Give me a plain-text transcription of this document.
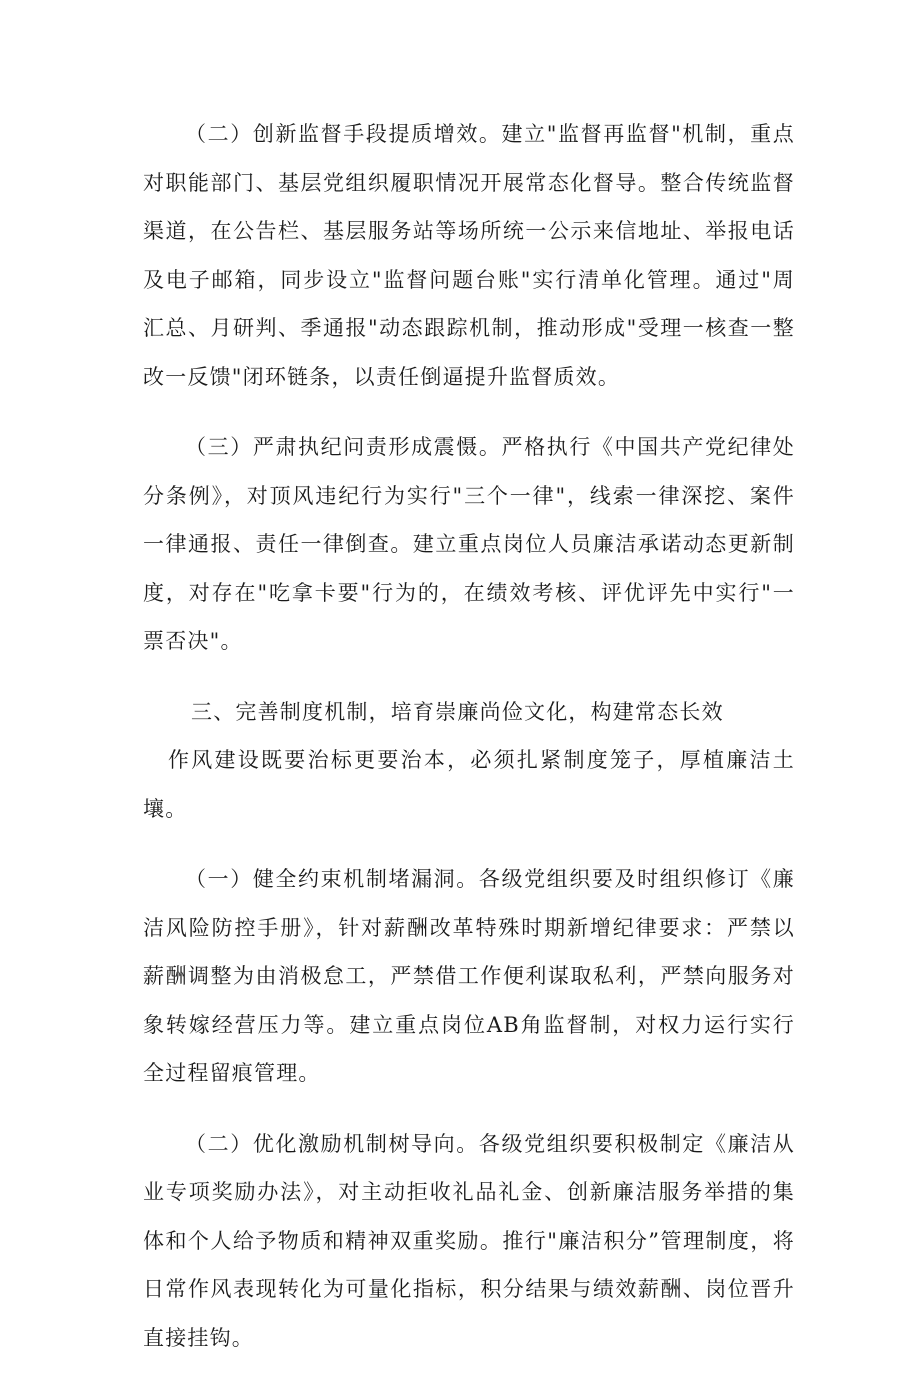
（二）创新监督手段提质增效。建立"监督再监督"机制，重点对职能部门、基层党组织履职情况开展常态化督导。整合传统监督渠道，在公告栏、基层服务站等场所统一公示来信地址、举报电话及电子邮箱，同步设立"监督问题台账"实行清单化管理。通过"周汇总、月研判、季通报"动态跟踪机制，推动形成"受理一核查一整改一反馈"闭环链条，以责任倒逼提升监督质效。

（三）严肃执纪问责形成震慑。严格执行《中国共产党纪律处分条例》，对顶风违纪行为实行"三个一律"，线索一律深挖、案件一律通报、责任一律倒查。建立重点岗位人员廉洁承诺动态更新制度，对存在"吃拿卡要"行为的，在绩效考核、评优评先中实行"一票否决"。

三、完善制度机制，培育崇廉尚俭文化，构建常态长效

作风建设既要治标更要治本，必须扎紧制度笼子，厚植廉洁土壤。

（一）健全约束机制堵漏洞。各级党组织要及时组织修订《廉洁风险防控手册》，针对薪酬改革特殊时期新增纪律要求：严禁以薪酬调整为由消极怠工，严禁借工作便利谋取私利，严禁向服务对象转嫁经营压力等。建立重点岗位AB角监督制，对权力运行实行全过程留痕管理。

（二）优化激励机制树导向。各级党组织要积极制定《廉洁从业专项奖励办法》，对主动拒收礼品礼金、创新廉洁服务举措的集体和个人给予物质和精神双重奖励。推行"廉洁积分”管理制度，将日常作风表现转化为可量化指标，积分结果与绩效薪酬、岗位晋升直接挂钩。
